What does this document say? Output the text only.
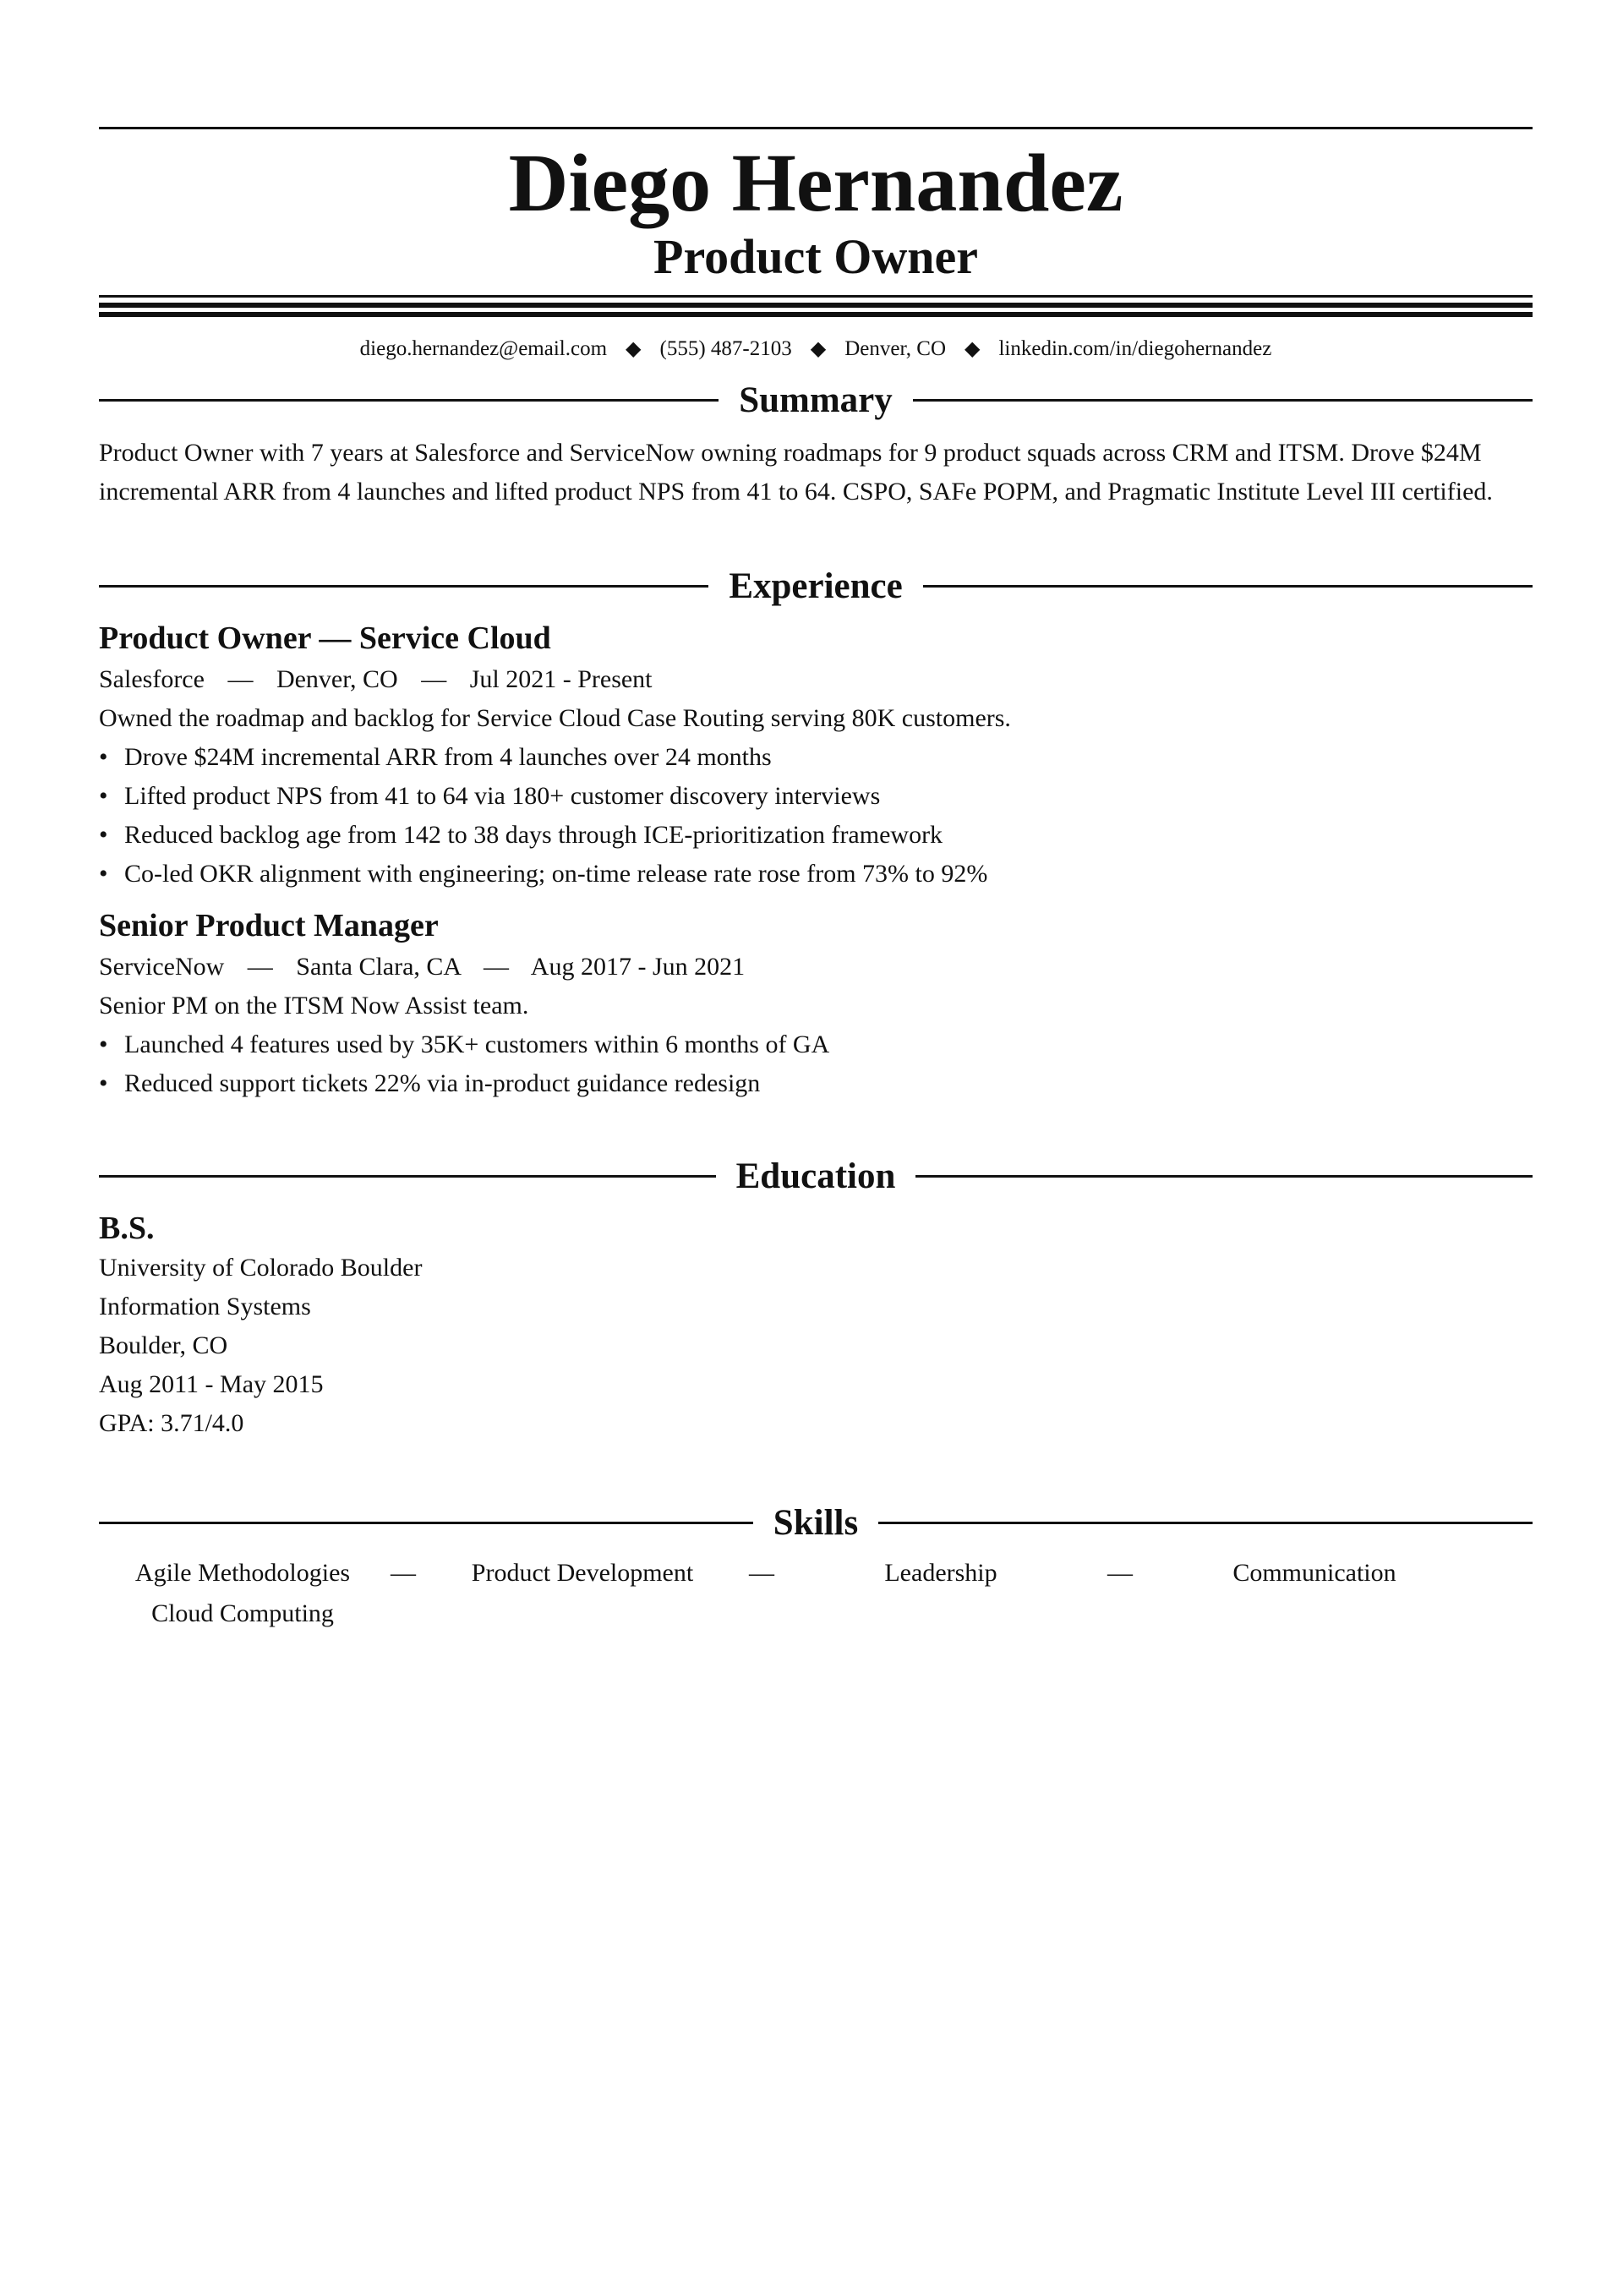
Diego Hernandez
Product Owner
diego.hernandez@email.com ◆ (555) 487-2103 ◆ Denver, CO ◆ linkedin.com/in/diegohernandez
Summary
Product Owner with 7 years at Salesforce and ServiceNow owning roadmaps for 9 product squads across CRM and ITSM. Drove $24M incremental ARR from 4 launches and lifted product NPS from 41 to 64. CSPO, SAFe POPM, and Pragmatic Institute Level III certified.
Experience
Product Owner — Service Cloud
Salesforce — Denver, CO — Jul 2021 - Present
Owned the roadmap and backlog for Service Cloud Case Routing serving 80K customers.
• Drove $24M incremental ARR from 4 launches over 24 months
• Lifted product NPS from 41 to 64 via 180+ customer discovery interviews
• Reduced backlog age from 142 to 38 days through ICE-prioritization framework
• Co-led OKR alignment with engineering; on-time release rate rose from 73% to 92%
Senior Product Manager
ServiceNow — Santa Clara, CA — Aug 2017 - Jun 2021
Senior PM on the ITSM Now Assist team.
• Launched 4 features used by 35K+ customers within 6 months of GA
• Reduced support tickets 22% via in-product guidance redesign
Education
B.S.
University of Colorado Boulder
Information Systems
Boulder, CO
Aug 2011 - May 2015
GPA: 3.71/4.0
Skills
Agile Methodologies	—	Product Development	—	Leadership	—	Communication
Cloud Computing
